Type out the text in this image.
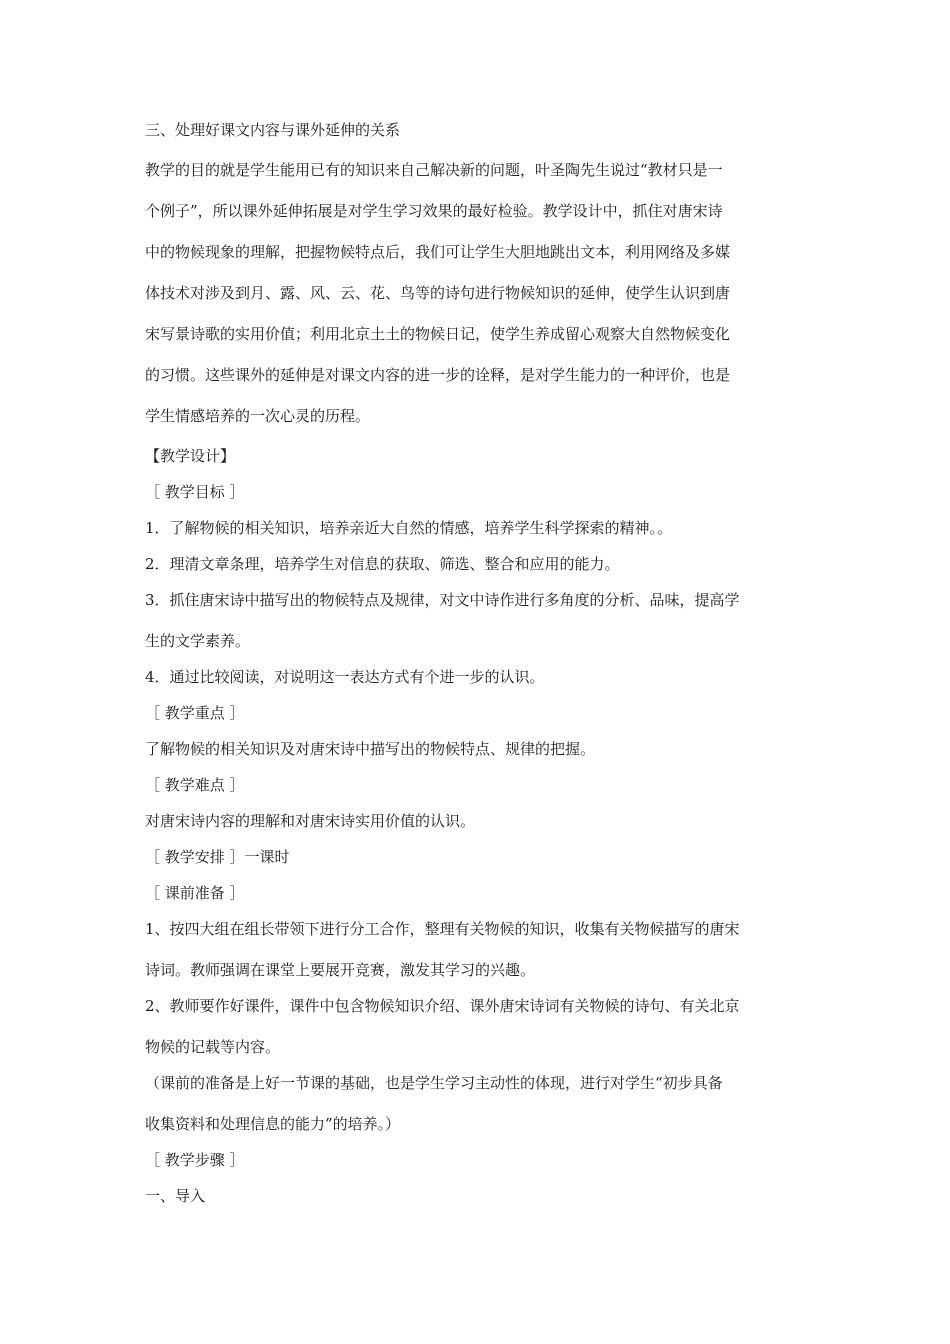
三、处理好课文内容与课外延伸的关系

教学的目的就是学生能用已有的知识来自己解决新的问题，叶圣陶先生说过“教材只是一

个例子”，所以课外延伸拓展是对学生学习效果的最好检验。教学设计中，抓住对唐宋诗

中的物候现象的理解，把握物候特点后，我们可让学生大胆地跳出文本，利用网络及多媒

体技术对涉及到月、露、风、云、花、鸟等的诗句进行物候知识的延伸，使学生认识到唐

宋写景诗歌的实用价值；利用北京土土的物候日记，使学生养成留心观察大自然物候变化

的习惯。这些课外的延伸是对课文内容的进一步的诠释，是对学生能力的一种评价，也是

学生情感培养的一次心灵的历程。

【教学设计】

［ 教学目标 ］

1．了解物候的相关知识，培养亲近大自然的情感，培养学生科学探索的精神。。

2．理清文章条理，培养学生对信息的获取、筛选、整合和应用的能力。

3．抓住唐宋诗中描写出的物候特点及规律，对文中诗作进行多角度的分析、品味，提高学

生的文学素养。

4．通过比较阅读，对说明这一表达方式有个进一步的认识。

［ 教学重点 ］

了解物候的相关知识及对唐宋诗中描写出的物候特点、规律的把握。

［ 教学难点 ］

对唐宋诗内容的理解和对唐宋诗实用价值的认识。

［ 教学安排 ］一课时

［ 课前准备 ］

1、按四大组在组长带领下进行分工合作，整理有关物候的知识，收集有关物候描写的唐宋

诗词。教师强调在课堂上要展开竞赛，激发其学习的兴趣。

2、教师要作好课件，课件中包含物候知识介绍、课外唐宋诗词有关物候的诗句、有关北京

物候的记载等内容。

（课前的准备是上好一节课的基础，也是学生学习主动性的体现，进行对学生“初步具备

收集资料和处理信息的能力”的培养。）

［ 教学步骤 ］

一、导入
